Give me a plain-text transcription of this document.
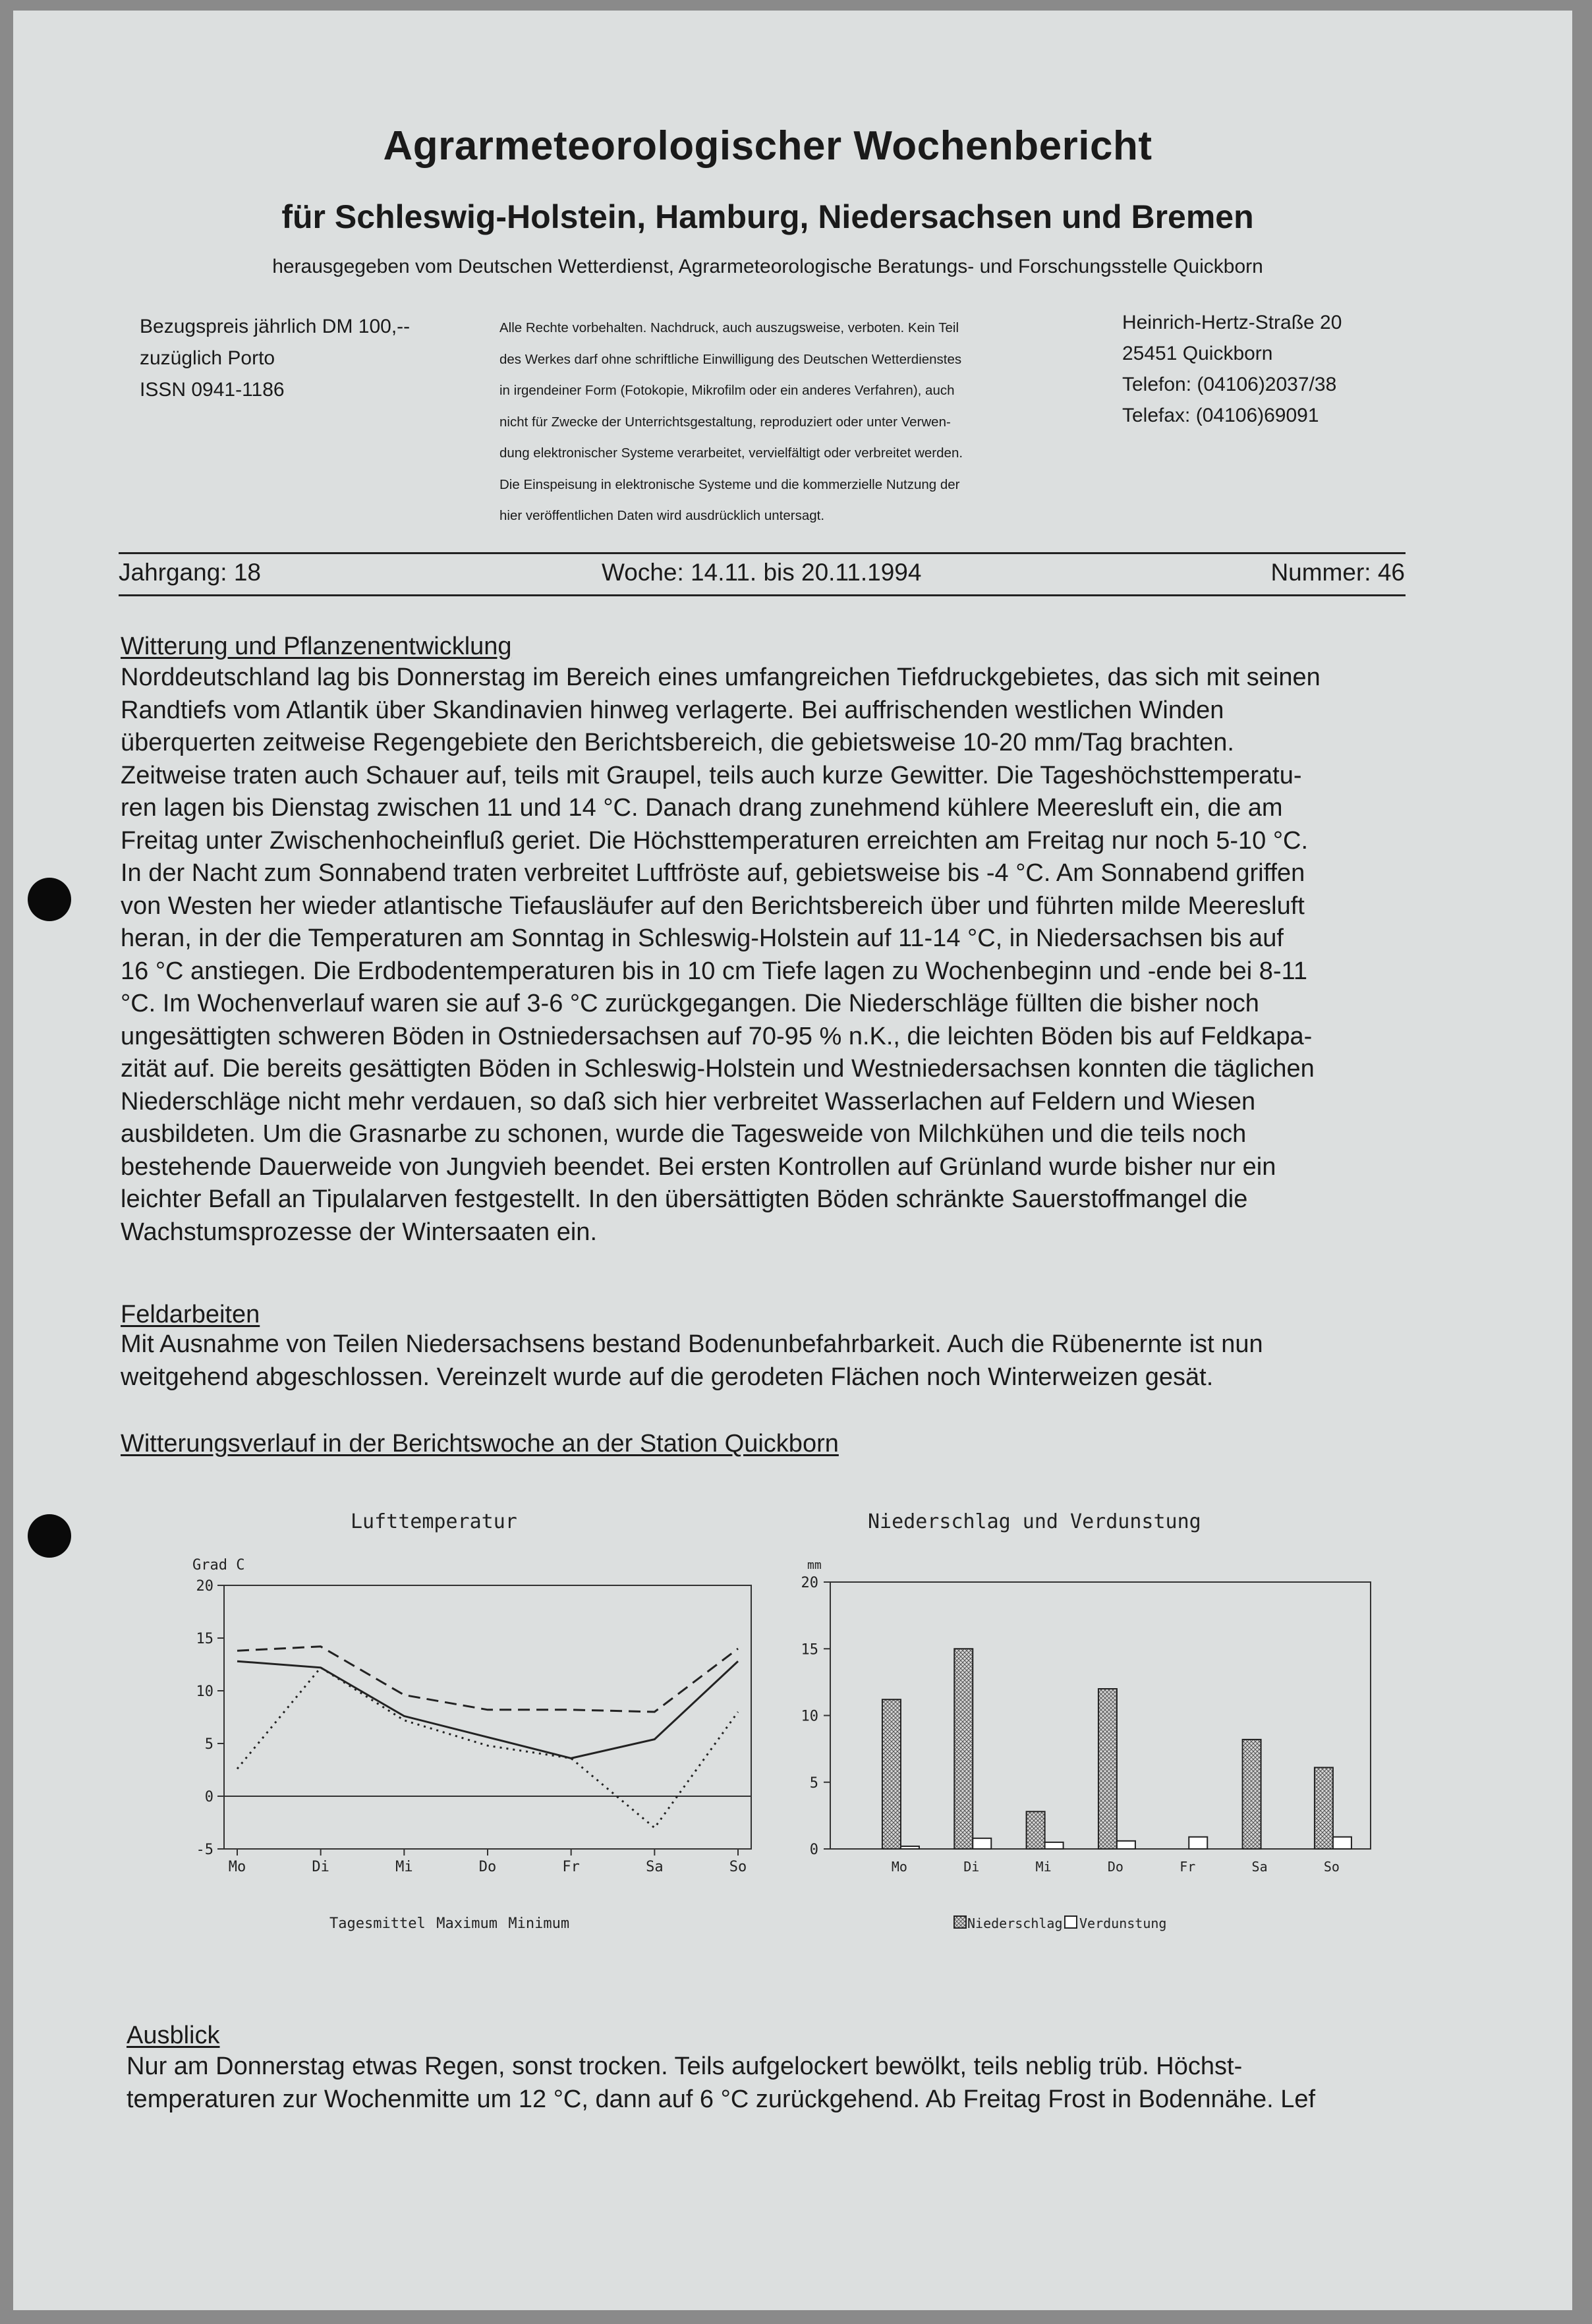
Agrarmeteorologischer Wochenbericht
für Schleswig-Holstein, Hamburg, Niedersachsen und Bremen
herausgegeben vom Deutschen Wetterdienst, Agrarmeteorologische Beratungs- und Forschungsstelle Quickborn
Bezugspreis jährlich DM 100,--
zuzüglich Porto
ISSN 0941-1186
Alle Rechte vorbehalten. Nachdruck, auch auszugsweise, verboten. Kein Teil
des Werkes darf ohne schriftliche Einwilligung des Deutschen Wetterdienstes
in irgendeiner Form (Fotokopie, Mikrofilm oder ein anderes Verfahren), auch
nicht für Zwecke der Unterrichtsgestaltung, reproduziert oder unter Verwen-
dung elektronischer Systeme verarbeitet, vervielfältigt oder verbreitet werden.
Die Einspeisung in elektronische Systeme und die kommerzielle Nutzung der
hier veröffentlichen Daten wird ausdrücklich untersagt.
Heinrich-Hertz-Straße 20
25451 Quickborn
Telefon: (04106)2037/38
Telefax: (04106)69091
Jahrgang: 18	Woche: 14.11. bis 20.11.1994	Nummer: 46
Witterung und Pflanzenentwicklung
Norddeutschland lag bis Donnerstag im Bereich eines umfangreichen Tiefdruckgebietes, das sich mit seinen
Randtiefs vom Atlantik über Skandinavien hinweg verlagerte. Bei auffrischenden westlichen Winden
überquerten zeitweise Regengebiete den Berichtsbereich, die gebietsweise 10-20 mm/Tag brachten.
Zeitweise traten auch Schauer auf, teils mit Graupel, teils auch kurze Gewitter. Die Tageshöchsttemperatu-
ren lagen bis Dienstag zwischen 11 und 14 °C. Danach drang zunehmend kühlere Meeresluft ein, die am
Freitag unter Zwischenhocheinfluß geriet. Die Höchsttemperaturen erreichten am Freitag nur noch 5-10 °C.
In der Nacht zum Sonnabend traten verbreitet Luftfröste auf, gebietsweise bis -4 °C. Am Sonnabend griffen
von Westen her wieder atlantische Tiefausläufer auf den Berichtsbereich über und führten milde Meeresluft
heran, in der die Temperaturen am Sonntag in Schleswig-Holstein auf 11-14 °C, in Niedersachsen bis auf
16 °C anstiegen. Die Erdbodentemperaturen bis in 10 cm Tiefe lagen zu Wochenbeginn und -ende bei 8-11
°C. Im Wochenverlauf waren sie auf 3-6 °C zurückgegangen. Die Niederschläge füllten die bisher noch
ungesättigten schweren Böden in Ostniedersachsen auf 70-95 % n.K., die leichten Böden bis auf Feldkapa-
zität auf. Die bereits gesättigten Böden in Schleswig-Holstein und Westniedersachsen konnten die täglichen
Niederschläge nicht mehr verdauen, so daß sich hier verbreitet Wasserlachen auf Feldern und Wiesen
ausbildeten. Um die Grasnarbe zu schonen, wurde die Tagesweide von Milchkühen und die teils noch
bestehende Dauerweide von Jungvieh beendet. Bei ersten Kontrollen auf Grünland wurde bisher nur ein
leichter Befall an Tipulalarven festgestellt. In den übersättigten Böden schränkte Sauerstoffmangel die
Wachstumsprozesse der Wintersaaten ein.
Feldarbeiten
Mit Ausnahme von Teilen Niedersachsens bestand Bodenunbefahrbarkeit. Auch die Rübenernte ist nun
weitgehend abgeschlossen. Vereinzelt wurde auf die gerodeten Flächen noch Winterweizen gesät.
Witterungsverlauf in der Berichtswoche an der Station Quickborn
Lufttemperatur	Niederschlag und Verdunstung
Grad C
20
15
10
5
0
-5
Mo	Di	Mi	Do	Fr	Sa	So
Tagesmittel Maximum Minimum
mm
20
15
10
5
0
Mo	Di	Mi	Do	Fr	Sa	So
Niederschlag Verdunstung
Ausblick
Nur am Donnerstag etwas Regen, sonst trocken. Teils aufgelockert bewölkt, teils neblig trüb. Höchst-
temperaturen zur Wochenmitte um 12 °C, dann auf 6 °C zurückgehend. Ab Freitag Frost in Bodennähe. Lef
